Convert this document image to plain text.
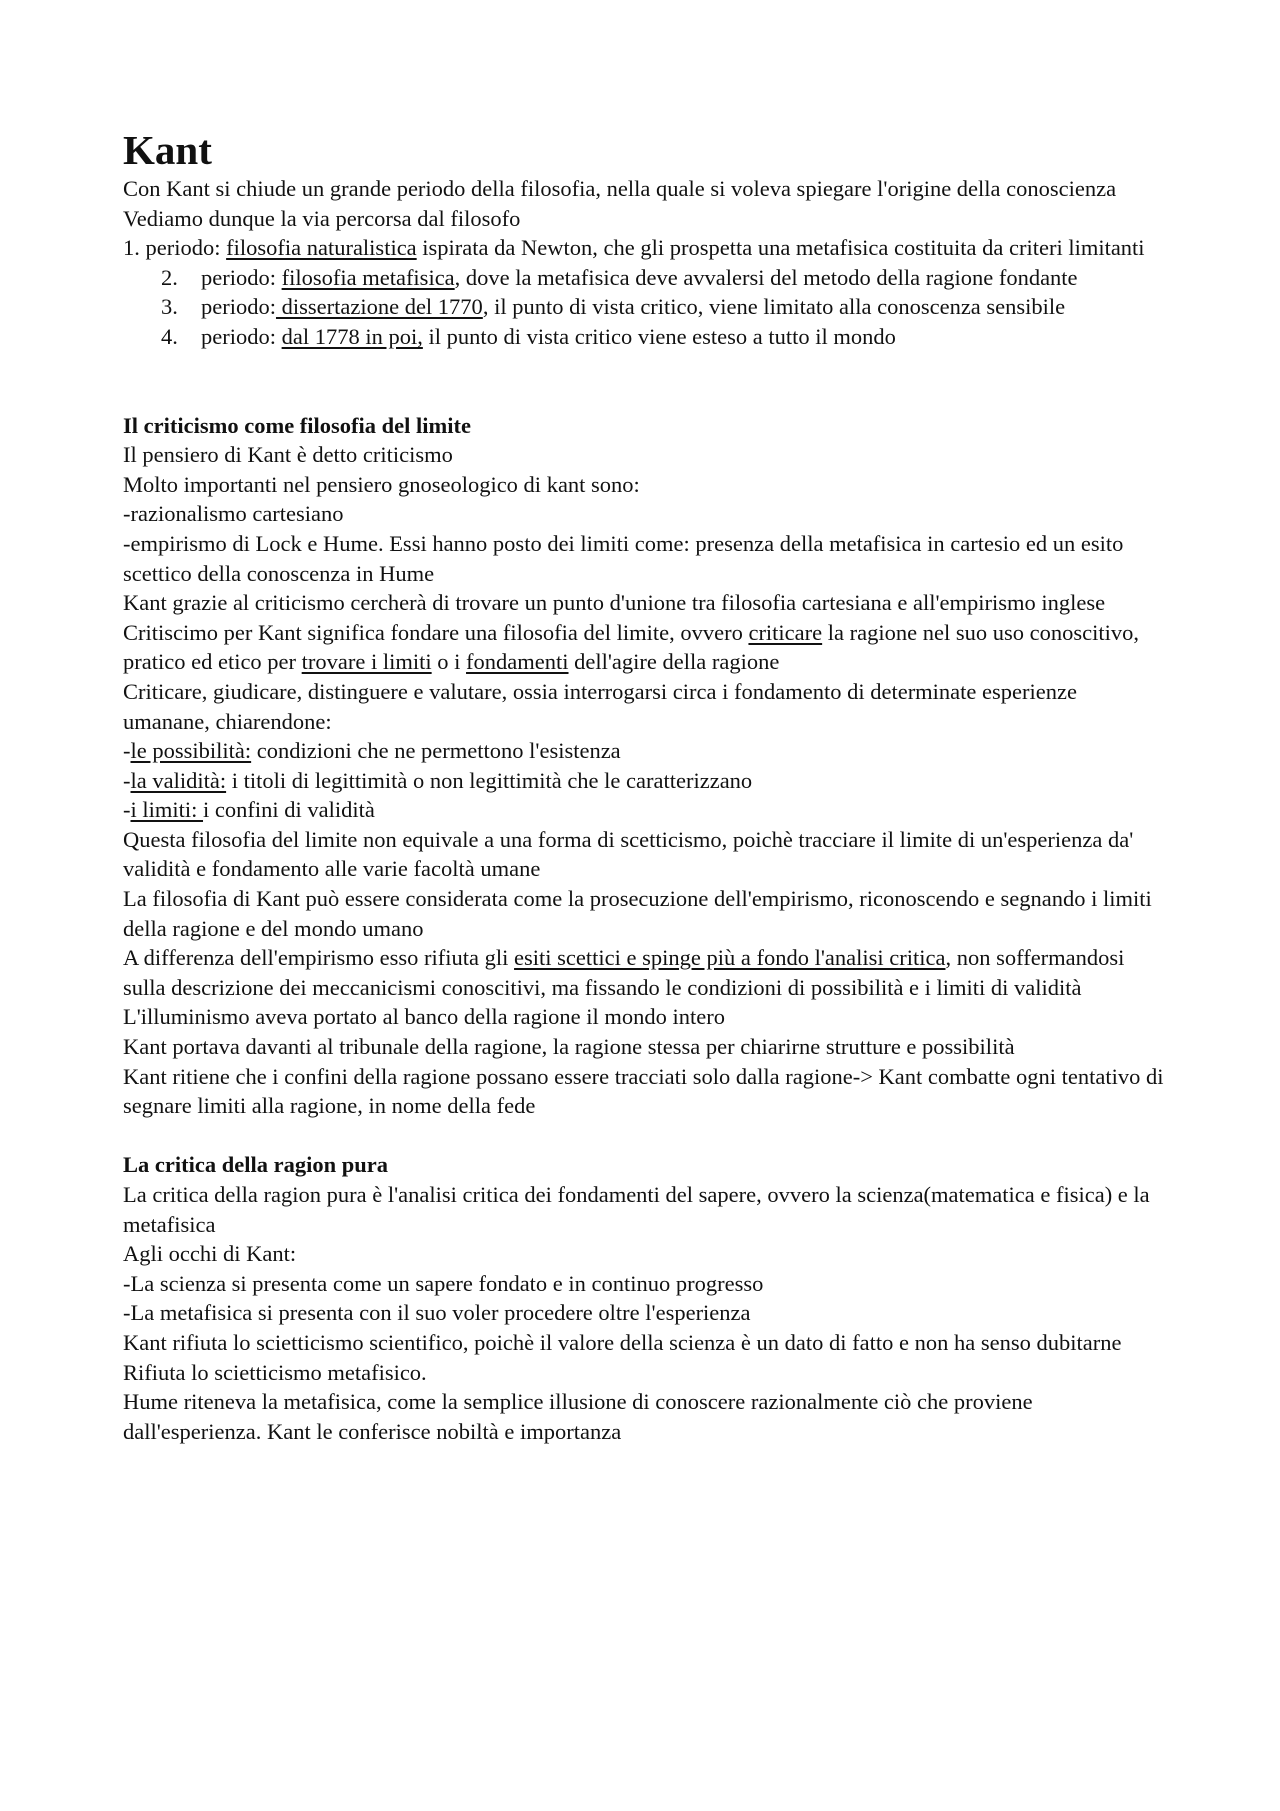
Kant
Con Kant si chiude un grande periodo della filosofia, nella quale si voleva spiegare l'origine della conoscienza
Vediamo dunque la via percorsa dal filosofo
1. periodo: filosofia naturalistica ispirata da Newton, che gli prospetta una metafisica costituita da criteri limitanti
2. periodo: filosofia metafisica, dove la metafisica deve avvalersi del metodo della ragione fondante
3. periodo: dissertazione del 1770, il punto di vista critico, viene limitato alla conoscenza sensibile
4. periodo: dal 1778 in poi, il punto di vista critico viene esteso a tutto il mondo
Il criticismo come filosofia del limite
Il pensiero di Kant è detto criticismo
Molto importanti nel pensiero gnoseologico di kant sono:
-razionalismo cartesiano
-empirismo di Lock e Hume. Essi hanno posto dei limiti come: presenza della metafisica in cartesio ed un esito scettico della conoscenza in Hume
Kant grazie al criticismo cercherà di trovare un punto d'unione tra filosofia cartesiana e all'empirismo inglese
Critiscimo per Kant significa fondare una filosofia del limite, ovvero criticare la ragione nel suo uso conoscitivo, pratico ed etico per trovare i limiti o i fondamenti dell'agire della ragione
Criticare, giudicare, distinguere e valutare, ossia interrogarsi circa i fondamento di determinate esperienze umanane, chiarendone:
-le possibilità: condizioni che ne permettono l'esistenza
-la validità: i titoli di legittimità o non legittimità che le caratterizzano
-i limiti: i confini di validità
Questa filosofia del limite non equivale a una forma di scetticismo, poichè tracciare il limite di un'esperienza da' validità e fondamento alle varie facoltà umane
La filosofia di Kant può essere considerata come la prosecuzione dell'empirismo, riconoscendo e segnando i limiti della ragione e del mondo umano
A differenza dell'empirismo esso rifiuta gli esiti scettici e spinge più a fondo l'analisi critica, non soffermandosi sulla descrizione dei meccanicismi conoscitivi, ma fissando le condizioni di possibilità e i limiti di validità
L'illuminismo aveva portato al banco della ragione il mondo intero
Kant portava davanti al tribunale della ragione, la ragione stessa per chiarirne strutture e possibilità
Kant ritiene che i confini della ragione possano essere tracciati solo dalla ragione-> Kant combatte ogni tentativo di segnare limiti alla ragione, in nome della fede
La critica della ragion pura
La critica della ragion pura è l'analisi critica dei fondamenti del sapere, ovvero la scienza(matematica e fisica) e la metafisica
Agli occhi di Kant:
-La scienza si presenta come un sapere fondato e in continuo progresso
-La metafisica si presenta con il suo voler procedere oltre l'esperienza
Kant rifiuta lo scietticismo scientifico, poichè il valore della scienza è un dato di fatto e non ha senso dubitarne
Rifiuta lo scietticismo metafisico.
Hume riteneva la metafisica, come la semplice illusione di conoscere razionalmente ciò che proviene dall'esperienza. Kant le conferisce nobiltà e importanza
